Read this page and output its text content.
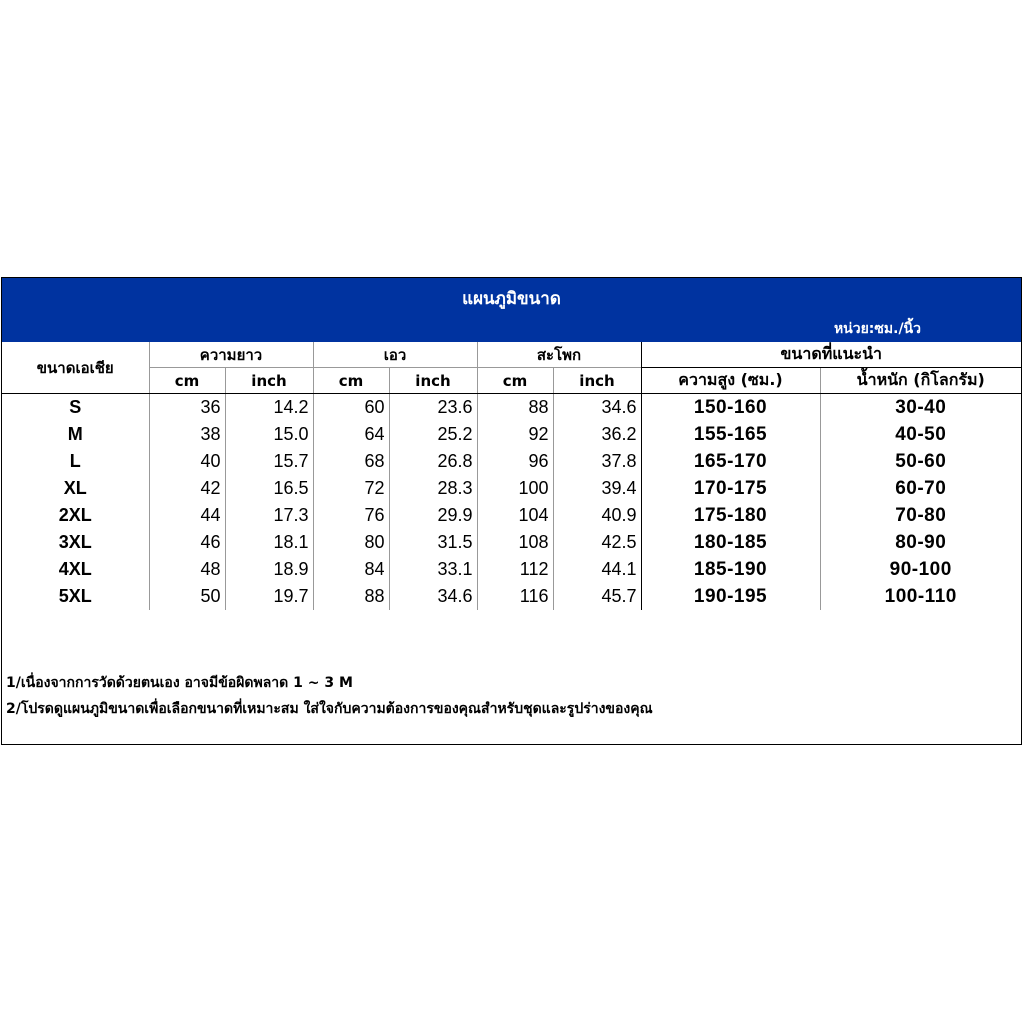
แผนภูมิขนาด
หน่วย:ซม./นิ้ว
ขนาดเอเชีย	ความยาว		เอว		สะโพก		ขนาดที่แนะนำ	
							ความสูง (ซม.)	น้ำหนัก (กิโลกรัม)
	cm	inch	cm	inch	cm	inch		
S	36	14.2	60	23.6	88	34.6	150-160	30-40
M	38	15.0	64	25.2	92	36.2	155-165	40-50
L	40	15.7	68	26.8	96	37.8	165-170	50-60
XL	42	16.5	72	28.3	100	39.4	170-175	60-70
2XL	44	17.3	76	29.9	104	40.9	175-180	70-80
3XL	46	18.1	80	31.5	108	42.5	180-185	80-90
4XL	48	18.9	84	33.1	112	44.1	185-190	90-100
5XL	50	19.7	88	34.6	116	45.7	190-195	100-110
1/เนื่องจากการวัดด้วยตนเอง อาจมีข้อผิดพลาด 1 ~ 3 M
2/โปรดดูแผนภูมิขนาดเพื่อเลือกขนาดที่เหมาะสม ใส่ใจกับความต้องการของคุณสำหรับชุดและรูปร่างของคุณ
